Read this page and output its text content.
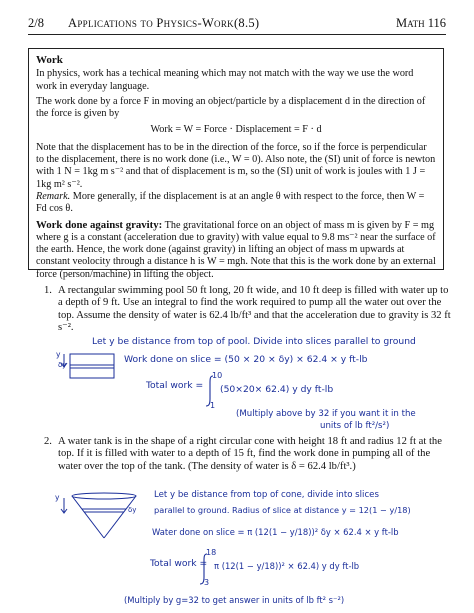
2/8 Applications to Physics-Work(8.5)	Math 116

Work

In physics, work has a techical meaning which may not match with the way we use the word work in everyday language.

The work done by a force F in moving an object/particle by a displacement d in the direction of the force is given by

Work = W = Force · Displacement = F · d

Note that the displacement has to be in the direction of the force, so if the force is perpendicular to the displacement, there is no work done (i.e., W = 0). Also note, the (SI) unit of force is newton with 1 N = 1kg m s⁻² and that of displacement is m, so the (SI) unit of work is joules with 1 J = 1kg m² s⁻².

Remark. More generally, if the displacement is at an angle θ with respect to the force, then W = Fd cos θ.

Work done against gravity: The gravitational force on an object of mass m is given by F = mg where g is a constant (acceleration due to gravity) with value equal to 9.8 ms⁻² near the surface of the earth. Hence, the work done (against gravity) in lifting an object of mass m upwards at constant veolocity through a distance h is W = mgh. Note that this is the work done by an external force (person/machine) in lifting the object.

1. A rectangular swimming pool 50 ft long, 20 ft wide, and 10 ft deep is filled with water up to a depth of 9 ft. Use an integral to find the work required to pump all the water out over the top. Assume the density of water is 62.4 lb/ft³ and that the acceleration due to gravity is 32 ft s⁻².
Let y be distance from top of pool. Divide into slices parallel to ground
y
δy	Work done on slice = (50 × 20 × δy) × 62.4 × y ft-lb
Total work =
10
1
(50×20× 62.4) y dy ft-lb
(Multiply above by 32 if you want it in the
units of lb ft²/s²)
2. A water tank is in the shape of a right circular cone with height 18 ft and radius 12 ft at the top. If it is filled with water to a depth of 15 ft, find the work done in pumping all of the water over the top of the tank. (The density of water is δ = 62.4 lb/ft³.)
y
δy
Let y be distance from top of cone, divide into slices
parallel to ground. Radius of slice at distance y = 12(1 − y/18)
Water done on slice = π (12(1 − y/18))² δy × 62.4 × y ft-lb
Total work =
18
3
π (12(1 − y/18))² × 62.4) y dy ft-lb
(Multiply by g=32 to get answer in units of lb ft² s⁻²)
